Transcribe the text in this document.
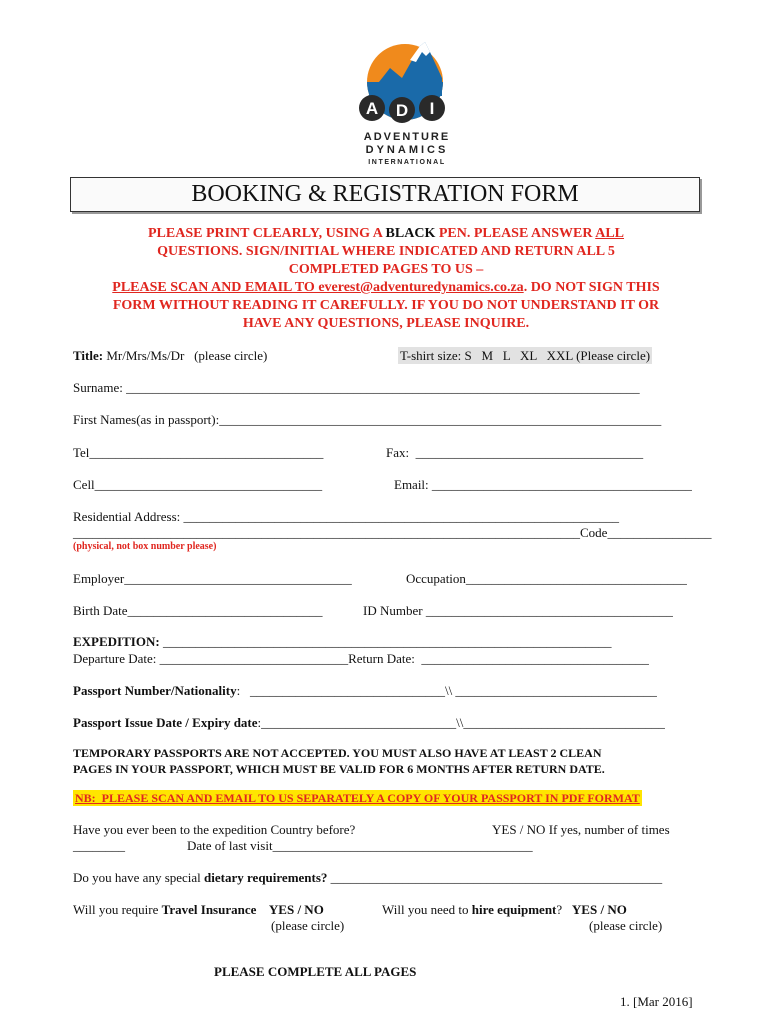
A D I
ADVENTURE
DYNAMICS
INTERNATIONAL
BOOKING & REGISTRATION FORM
PLEASE PRINT CLEARLY, USING A BLACK PEN. PLEASE ANSWER ALL
QUESTIONS. SIGN/INITIAL WHERE INDICATED AND RETURN ALL 5
COMPLETED PAGES TO US –
PLEASE SCAN AND EMAIL TO everest@adventuredynamics.co.za. DO NOT SIGN THIS
FORM WITHOUT READING IT CAREFULLY. IF YOU DO NOT UNDERSTAND IT OR
HAVE ANY QUESTIONS, PLEASE INQUIRE.
Title: Mr/Mrs/Ms/Dr   (please circle)	T-shirt size: S   M   L   XL   XXL (Please circle)
Surname: _______________________________________________________________________________
First Names(as in passport):____________________________________________________________________
Tel____________________________________	Fax:  ___________________________________
Cell___________________________________	Email: ________________________________________
Residential Address: ___________________________________________________________________
______________________________________________________________________________Code________________
(physical, not box number please)
Employer___________________________________	Occupation__________________________________
Birth Date______________________________	ID Number ______________________________________
EXPEDITION: _____________________________________________________________________
Departure Date: _____________________________Return Date:  ___________________________________
Passport Number/Nationality:   ______________________________\\ _______________________________
Passport Issue Date / Expiry date:______________________________\\_______________________________
TEMPORARY PASSPORTS ARE NOT ACCEPTED. YOU MUST ALSO HAVE AT LEAST 2 CLEAN
PAGES IN YOUR PASSPORT, WHICH MUST BE VALID FOR 6 MONTHS AFTER RETURN DATE.
NB:  PLEASE SCAN AND EMAIL TO US SEPARATELY A COPY OF YOUR PASSPORT IN PDF FORMAT
Have you ever been to the expedition Country before?	YES / NO If yes, number of times
________	Date of last visit________________________________________
Do you have any special dietary requirements? ___________________________________________________
Will you require Travel Insurance    YES / NO
(please circle)
Will you need to hire equipment?   YES / NO
(please circle)
PLEASE COMPLETE ALL PAGES
1. [Mar 2016]
